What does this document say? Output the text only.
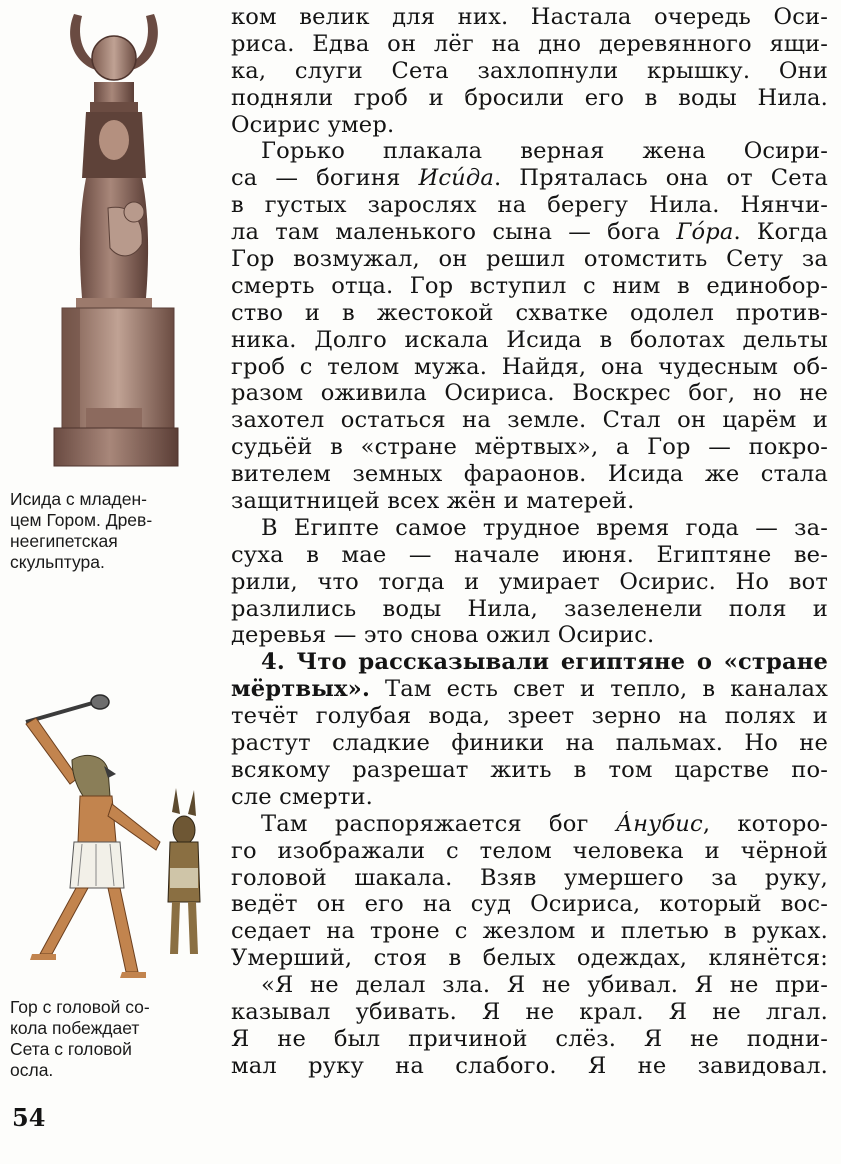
Исида с младен-
цем Гором. Древ-
неегипетская
скульптура.
Гор с головой со-
кола побеждает
Сета с головой
осла.
ком велик для них. Настала очередь Оси-
риса. Едва он лёг на дно деревянного ящи-
ка, слуги Сета захлопнули крышку. Они
подняли гроб и бросили его в воды Нила.
Осирис умер.
Горько плакала верная жена Осири-
са — богиня Иси́да. Пряталась она от Сета
в густых зарослях на берегу Нила. Нянчи-
ла там маленького сына — бога Го́ра. Когда
Гор возмужал, он решил отомстить Сету за
смерть отца. Гор вступил с ним в единобор-
ство и в жестокой схватке одолел против-
ника. Долго искала Исида в болотах дельты
гроб с телом мужа. Найдя, она чудесным об-
разом оживила Осириса. Воскрес бог, но не
захотел остаться на земле. Стал он царём и
судьёй в «стране мёртвых», а Гор — покро-
вителем земных фараонов. Исида же стала
защитницей всех жён и матерей.
В Египте самое трудное время года — за-
суха в мае — начале июня. Египтяне ве-
рили, что тогда и умирает Осирис. Но вот
разлились воды Нила, зазеленели поля и
деревья — это снова ожил Осирис.
4. Что рассказывали египтяне о «стране
мёртвых». Там есть свет и тепло, в каналах
течёт голубая вода, зреет зерно на полях и
растут сладкие финики на пальмах. Но не
всякому разрешат жить в том царстве по-
сле смерти.
Там распоряжается бог А́нубис, которо-
го изображали с телом человека и чёрной
головой шакала. Взяв умершего за руку,
ведёт он его на суд Осириса, который вос-
седает на троне с жезлом и плетью в руках.
Умерший, стоя в белых одеждах, клянётся:
«Я не делал зла. Я не убивал. Я не при-
казывал убивать. Я не крал. Я не лгал.
Я не был причиной слёз. Я не подни-
мал руку на слабого. Я не завидовал.
54
